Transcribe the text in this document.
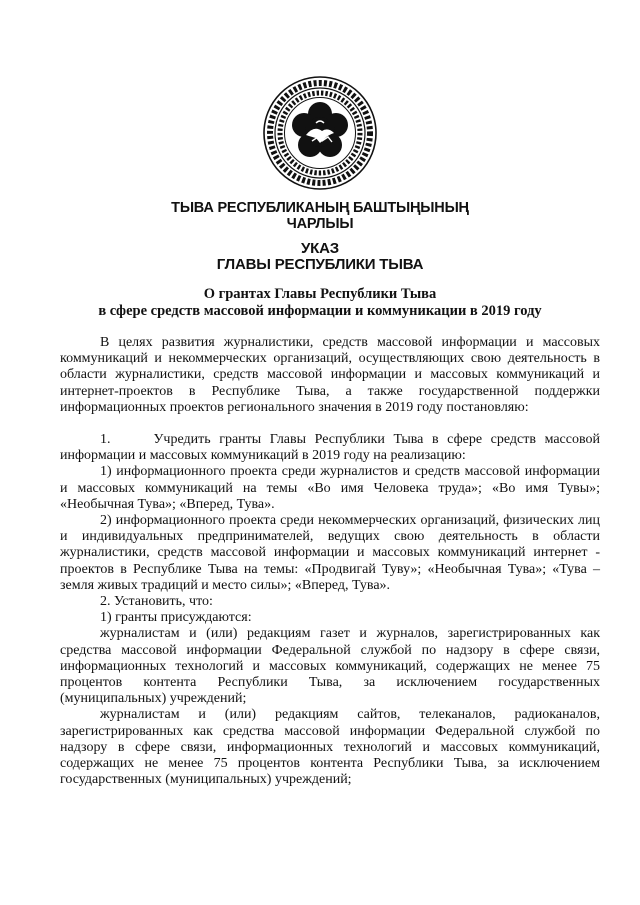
ТЫВА РЕСПУБЛИКАНЫҢ БАШТЫҢЫНЫҢ
ЧАРЛЫЫ
УКАЗ
ГЛАВЫ РЕСПУБЛИКИ ТЫВА
О грантах Главы Республики Тыва
в сфере средств массовой информации и коммуникации в 2019 году

В целях развития журналистики, средств массовой информации и массовых коммуникаций и некоммерческих организаций, осуществляющих свою деятельность в области журналистики, средств массовой информации и массовых коммуникаций и интернет-проектов в Республике Тыва, а также государственной поддержки информационных проектов регионального значения в 2019 году постановляю:

1.     Учредить гранты Главы Республики Тыва в сфере средств массовой информации и массовых коммуникаций в 2019 году на реализацию:

1) информационного проекта среди журналистов и средств массовой информации и массовых коммуникаций на темы «Во имя Человека труда»; «Во имя Тувы»; «Необычная Тува»; «Вперед, Тува».

2) информационного проекта среди некоммерческих организаций, физических лиц и индивидуальных предпринимателей, ведущих свою деятельность в области журналистики, средств массовой информации и массовых коммуникаций интернет - проектов в Республике Тыва на темы: «Продвигай Туву»; «Необычная Тува»; «Тува – земля живых традиций и место силы»; «Вперед, Тува».

2. Установить, что:

1) гранты присуждаются:

журналистам и (или) редакциям газет и журналов, зарегистрированных как средства массовой информации Федеральной службой по надзору в сфере связи, информационных технологий и массовых коммуникаций, содержащих не менее 75 процентов контента Республики Тыва, за исключением государственных (муниципальных) учреждений;

журналистам и (или) редакциям сайтов, телеканалов, радиоканалов, зарегистрированных как средства массовой информации Федеральной службой по надзору в сфере связи, информационных технологий и массовых коммуникаций, содержащих не менее 75 процентов контента Республики Тыва, за исключением государственных (муниципальных) учреждений;
